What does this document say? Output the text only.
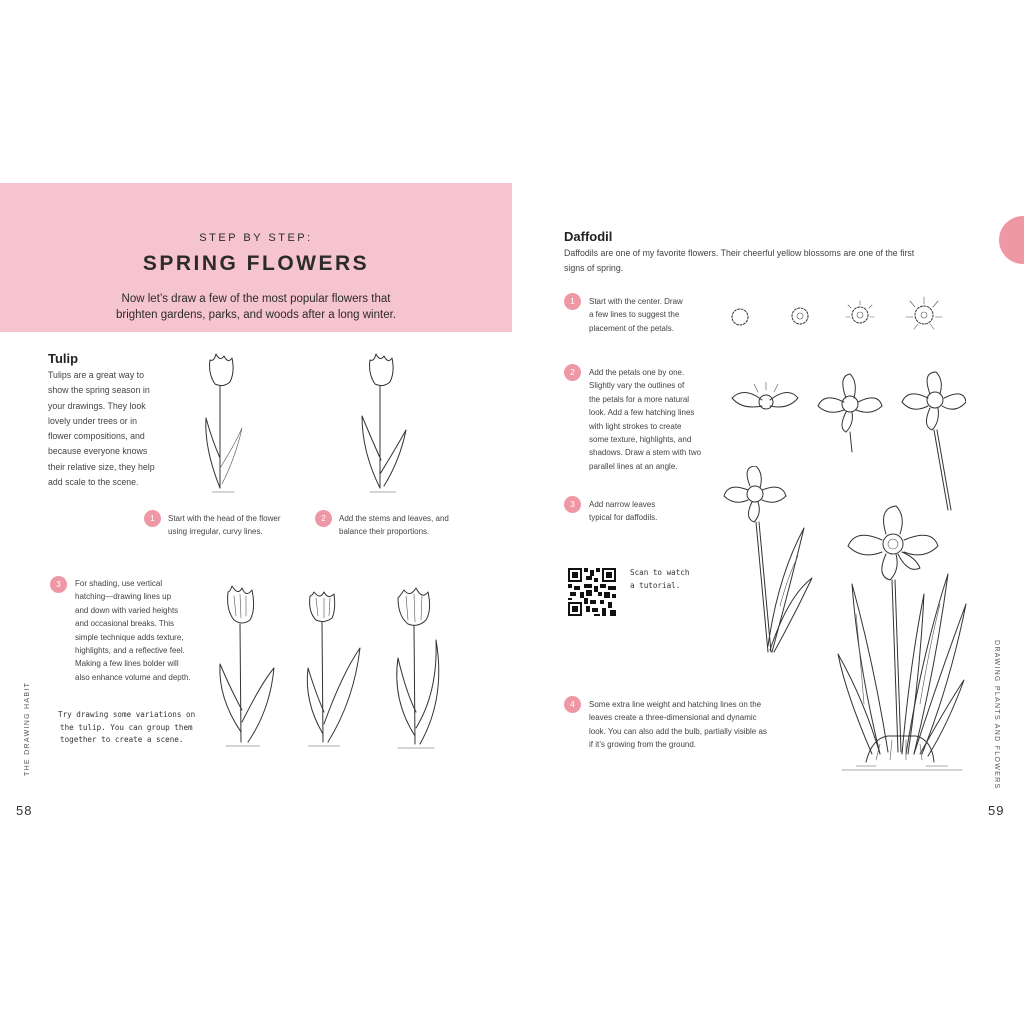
STEP BY STEP:
SPRING FLOWERS
Now let’s draw a few of the most popular flowers that
brighten gardens, parks, and woods after a long winter.
Tulip
Tulips are a great way to
show the spring season in
your drawings. They look
lovely under trees or in
flower compositions, and
because everyone knows
their relative size, they help
add scale to the scene.
1	Start with the head of the flower
using irregular, curvy lines.
2	Add the stems and leaves, and
balance their proportions.
3	For shading, use vertical
hatching—drawing lines up
and down with varied heights
and occasional breaks. This
simple technique adds texture,
highlights, and a reflective feel.
Making a few lines bolder will
also enhance volume and depth.
Try drawing some variations on
the tulip. You can group them
together to create a scene.
THE DRAWING HABIT
58
Daffodil
Daffodils are one of my favorite flowers. Their cheerful yellow blossoms are one of the first
signs of spring.
1	Start with the center. Draw
a few lines to suggest the
placement of the petals.
2	Add the petals one by one.
Slightly vary the outlines of
the petals for a more natural
look. Add a few hatching lines
with light strokes to create
some texture, highlights, and
shadows. Draw a stem with two
parallel lines at an angle.
3	Add narrow leaves
typical for daffodils.
Scan to watch
a tutorial.
4	Some extra line weight and hatching lines on the
leaves create a three-dimensional and dynamic
look. You can also add the bulb, partially visible as
if it’s growing from the ground.	DRAWING PLANTS AND FLOWERS
59
